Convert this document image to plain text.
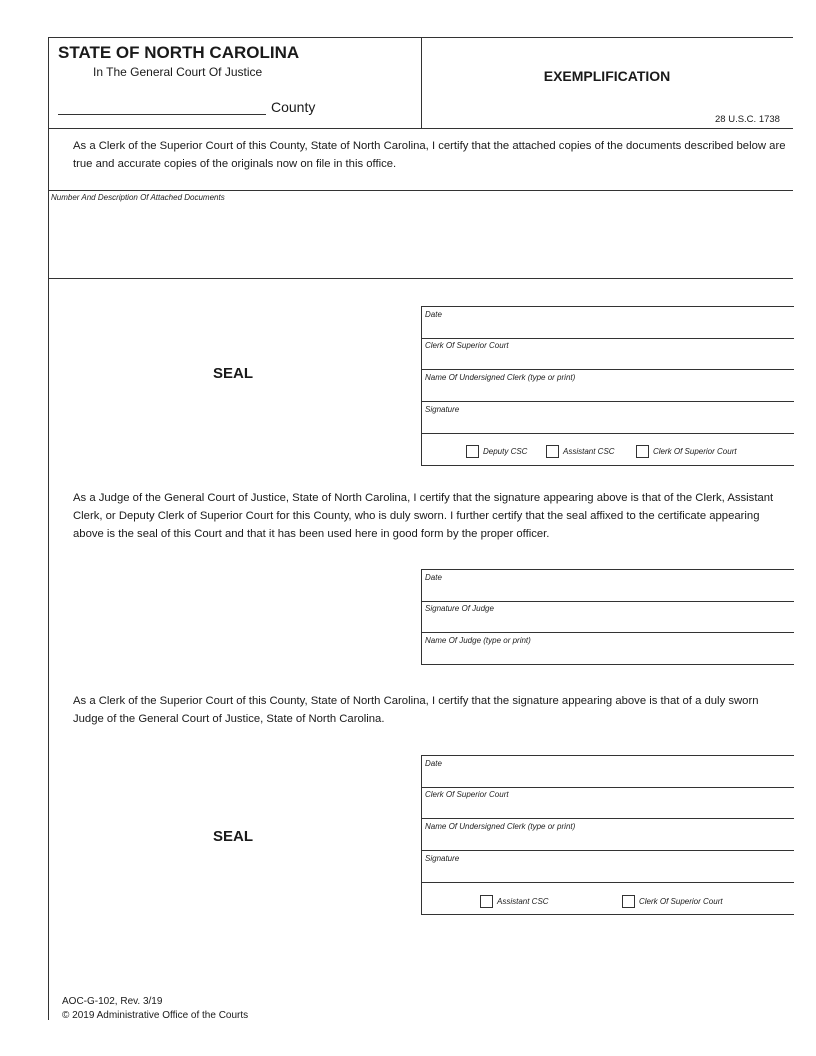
STATE OF NORTH CAROLINA
In The General Court Of Justice
County
EXEMPLIFICATION
28 U.S.C. 1738
As a Clerk of the Superior Court of this County, State of North Carolina, I certify that the attached copies of the documents described below are true and accurate copies of the originals now on file in this office.
Number And Description Of Attached Documents
SEAL
Date
Clerk Of Superior Court
Name Of Undersigned Clerk (type or print)
Signature
Deputy CSC	Assistant CSC	Clerk Of Superior Court
As a Judge of the General Court of Justice, State of North Carolina, I certify that the signature appearing above is that of the Clerk, Assistant Clerk, or Deputy Clerk of Superior Court for this County, who is duly sworn. I further certify that the seal affixed to the certificate appearing above is the seal of this Court and that it has been used here in good form by the proper officer.
Date
Signature Of Judge
Name Of Judge (type or print)
As a Clerk of the Superior Court of this County, State of North Carolina, I certify that the signature appearing above is that of a duly sworn Judge of the General Court of Justice, State of North Carolina.
SEAL
Date
Clerk Of Superior Court
Name Of Undersigned Clerk (type or print)
Signature
Assistant CSC	Clerk Of Superior Court
AOC-G-102, Rev. 3/19
© 2019 Administrative Office of the Courts
